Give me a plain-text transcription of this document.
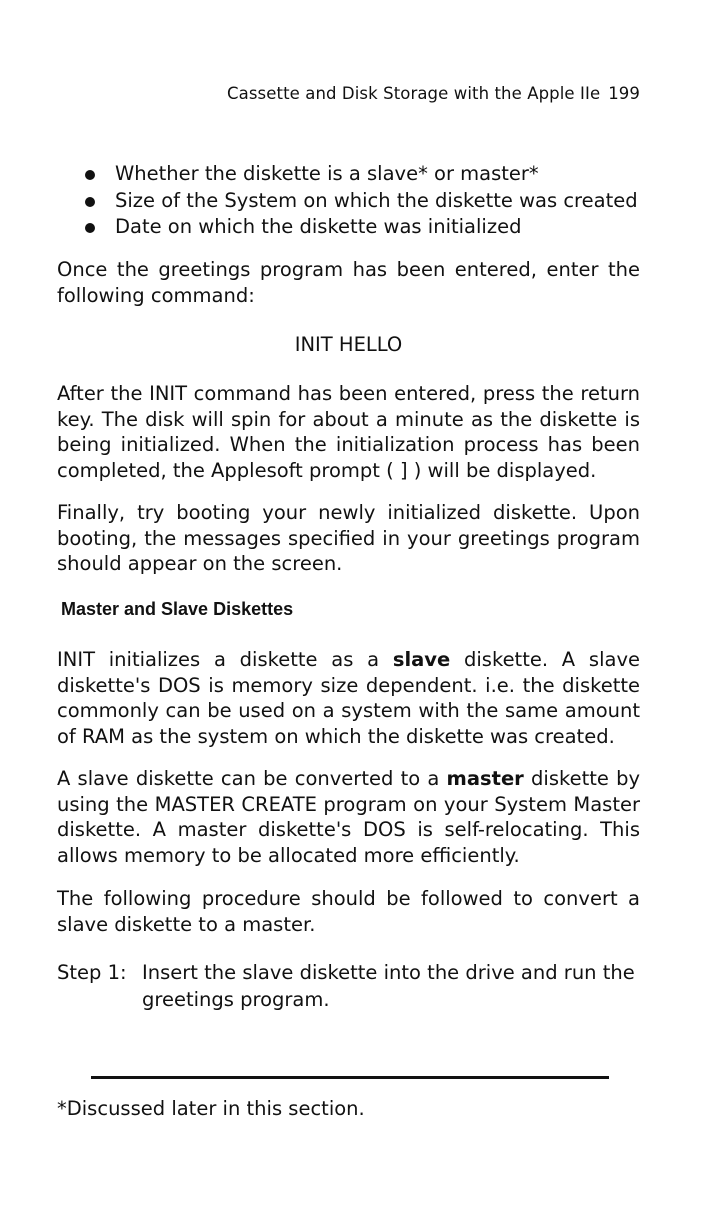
Cassette and Disk Storage with the Apple IIe 199
Whether the diskette is a slave* or master*
Size of the System on which the diskette was created
Date on which the diskette was initialized

Once the greetings program has been entered, enter the following command:

INIT HELLO

After the INIT command has been entered, press the return key. The disk will spin for about a minute as the diskette is being initialized. When the initialization process has been completed, the Applesoft prompt ( ] ) will be displayed.

Finally, try booting your newly initialized diskette. Upon booting, the messages specified in your greetings program should appear on the screen.

Master and Slave Diskettes

INIT initializes a diskette as a slave diskette. A slave diskette's DOS is memory size dependent. i.e. the diskette commonly can be used on a system with the same amount of RAM as the system on which the diskette was created.

A slave diskette can be converted to a master diskette by using the MASTER CREATE program on your System Master diskette. A master diskette's DOS is self-relocating. This allows memory to be allocated more efficiently.

The following procedure should be followed to convert a slave diskette to a master.

Step 1: Insert the slave diskette into the drive and run the greetings program.
*Discussed later in this section.
